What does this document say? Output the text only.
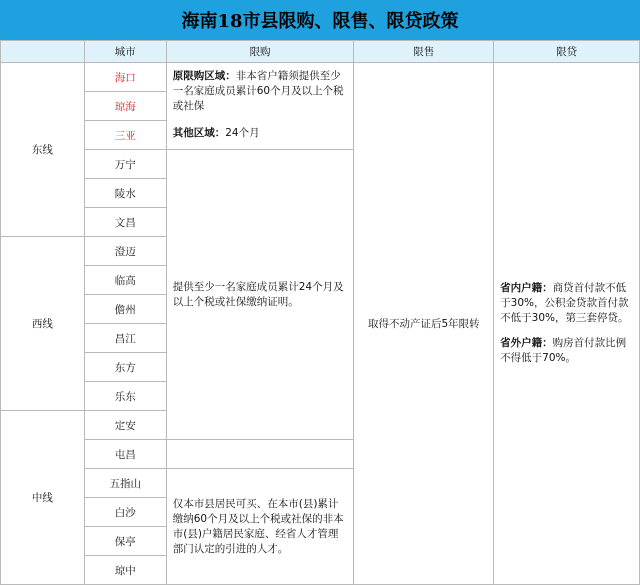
海南18市县限购、限售、限贷政策
	城市	限购	限售	限贷
东线	海口	原限购区域：非本省户籍须提供至少一名家庭成员累计60个月及以上个税或社保
其他区域：24个月	取得不动产证后5年限转	省内户籍：商贷首付款不低于30%，公积金贷款首付款不低于30%，第三套停贷。
省外户籍：购房首付款比例不得低于70%。

	琼海			
	三亚			
	万宁	提供至少一名家庭成员累计24个月及以上个税或社保缴纳证明。		
	陵水			
	文昌			
西线	澄迈			
	临高			
	儋州			
	昌江			
	东方			
	乐东			
中线	定安			
	屯昌			
	五指山	仅本市县居民可买、在本市(县)累计缴纳60个月及以上个税或社保的非本市(县)户籍居民家庭、经省人才管理部门认定的引进的人才。		
	白沙			
	保亭			
	琼中			
